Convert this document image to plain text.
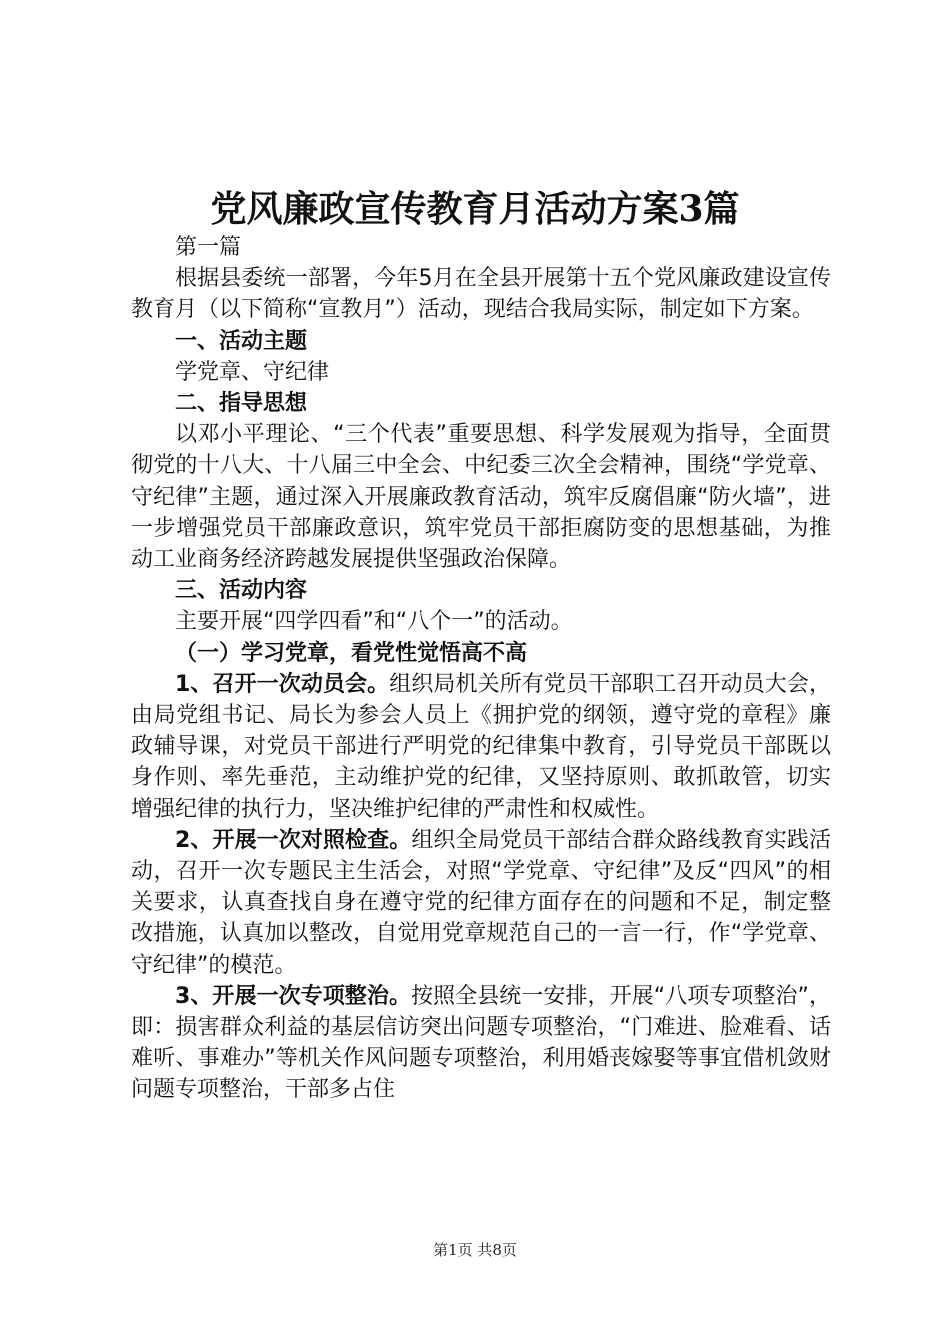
党风廉政宣传教育月活动方案3篇

第一篇

根据县委统一部署，今年5月在全县开展第十五个党风廉政建设宣传教育月（以下简称“宣教月”）活动，现结合我局实际，制定如下方案。

一、活动主题

学党章、守纪律

二、指导思想

以邓小平理论、“三个代表”重要思想、科学发展观为指导，全面贯彻党的十八大、十八届三中全会、中纪委三次全会精神，围绕“学党章、守纪律”主题，通过深入开展廉政教育活动，筑牢反腐倡廉“防火墙”，进一步增强党员干部廉政意识，筑牢党员干部拒腐防变的思想基础，为推动工业商务经济跨越发展提供坚强政治保障。

三、活动内容

主要开展“四学四看”和“八个一”的活动。

（一）学习党章，看党性觉悟高不高

1、召开一次动员会。组织局机关所有党员干部职工召开动员大会，由局党组书记、局长为参会人员上《拥护党的纲领，遵守党的章程》廉政辅导课，对党员干部进行严明党的纪律集中教育，引导党员干部既以身作则、率先垂范，主动维护党的纪律，又坚持原则、敢抓敢管，切实增强纪律的执行力，坚决维护纪律的严肃性和权威性。

2、开展一次对照检查。组织全局党员干部结合群众路线教育实践活动，召开一次专题民主生活会，对照“学党章、守纪律”及反“四风”的相关要求，认真查找自身在遵守党的纪律方面存在的问题和不足，制定整改措施，认真加以整改，自觉用党章规范自己的一言一行，作“学党章、守纪律”的模范。

3、开展一次专项整治。按照全县统一安排，开展“八项专项整治”，即：损害群众利益的基层信访突出问题专项整治，“门难进、脸难看、话难听、事难办”等机关作风问题专项整治，利用婚丧嫁娶等事宜借机敛财问题专项整治，干部多占住

第1页 共8页
